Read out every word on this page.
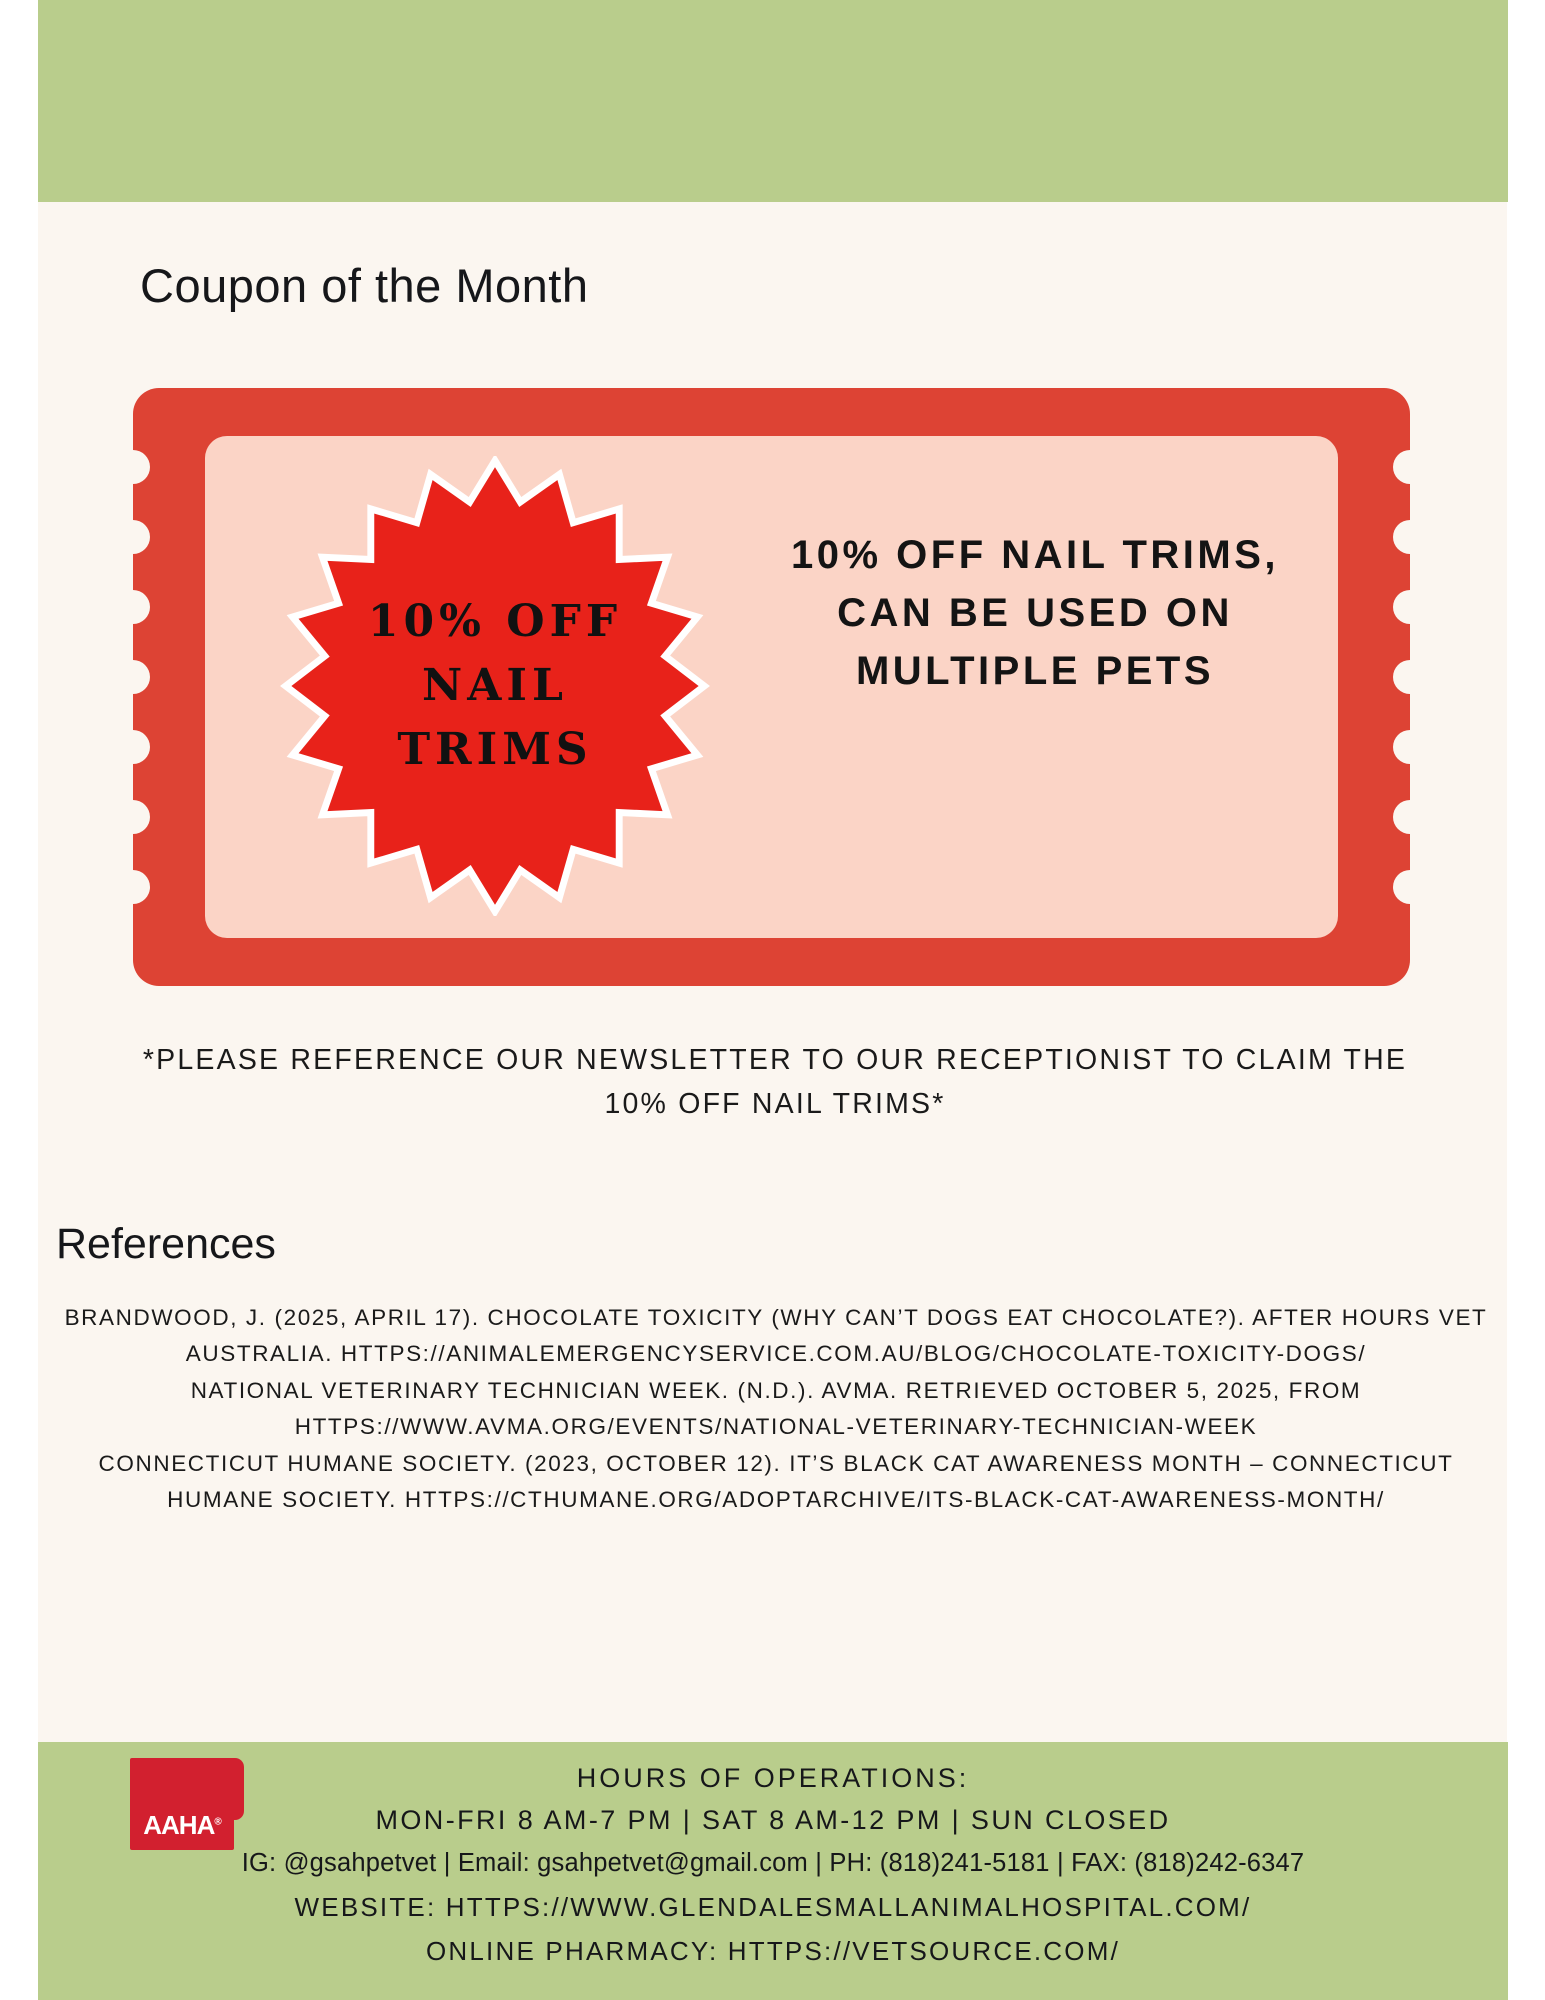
Coupon of the Month
10% OFF
NAIL
TRIMS
10% OFF NAIL TRIMS, CAN BE USED ON MULTIPLE PETS
*PLEASE REFERENCE OUR NEWSLETTER TO OUR RECEPTIONIST TO CLAIM THE 10% OFF NAIL TRIMS*
References
BRANDWOOD, J. (2025, APRIL 17). CHOCOLATE TOXICITY (WHY CAN’T DOGS EAT CHOCOLATE?). AFTER HOURS VET AUSTRALIA. HTTPS://ANIMALEMERGENCYSERVICE.COM.AU/BLOG/CHOCOLATE-TOXICITY-DOGS/
NATIONAL VETERINARY TECHNICIAN WEEK. (N.D.). AVMA. RETRIEVED OCTOBER 5, 2025, FROM HTTPS://WWW.AVMA.ORG/EVENTS/NATIONAL-VETERINARY-TECHNICIAN-WEEK
CONNECTICUT HUMANE SOCIETY. (2023, OCTOBER 12). IT’S BLACK CAT AWARENESS MONTH – CONNECTICUT HUMANE SOCIETY. HTTPS://CTHUMANE.ORG/ADOPTARCHIVE/ITS-BLACK-CAT-AWARENESS-MONTH/
AAHA®
HOURS OF OPERATIONS:
MON-FRI 8 AM-7 PM | SAT 8 AM-12 PM | SUN CLOSED
IG: @gsahpetvet | Email: gsahpetvet@gmail.com | PH: (818)241-5181 | FAX: (818)242-6347
WEBSITE: HTTPS://WWW.GLENDALESMALLANIMALHOSPITAL.COM/
ONLINE PHARMACY: HTTPS://VETSOURCE.COM/
